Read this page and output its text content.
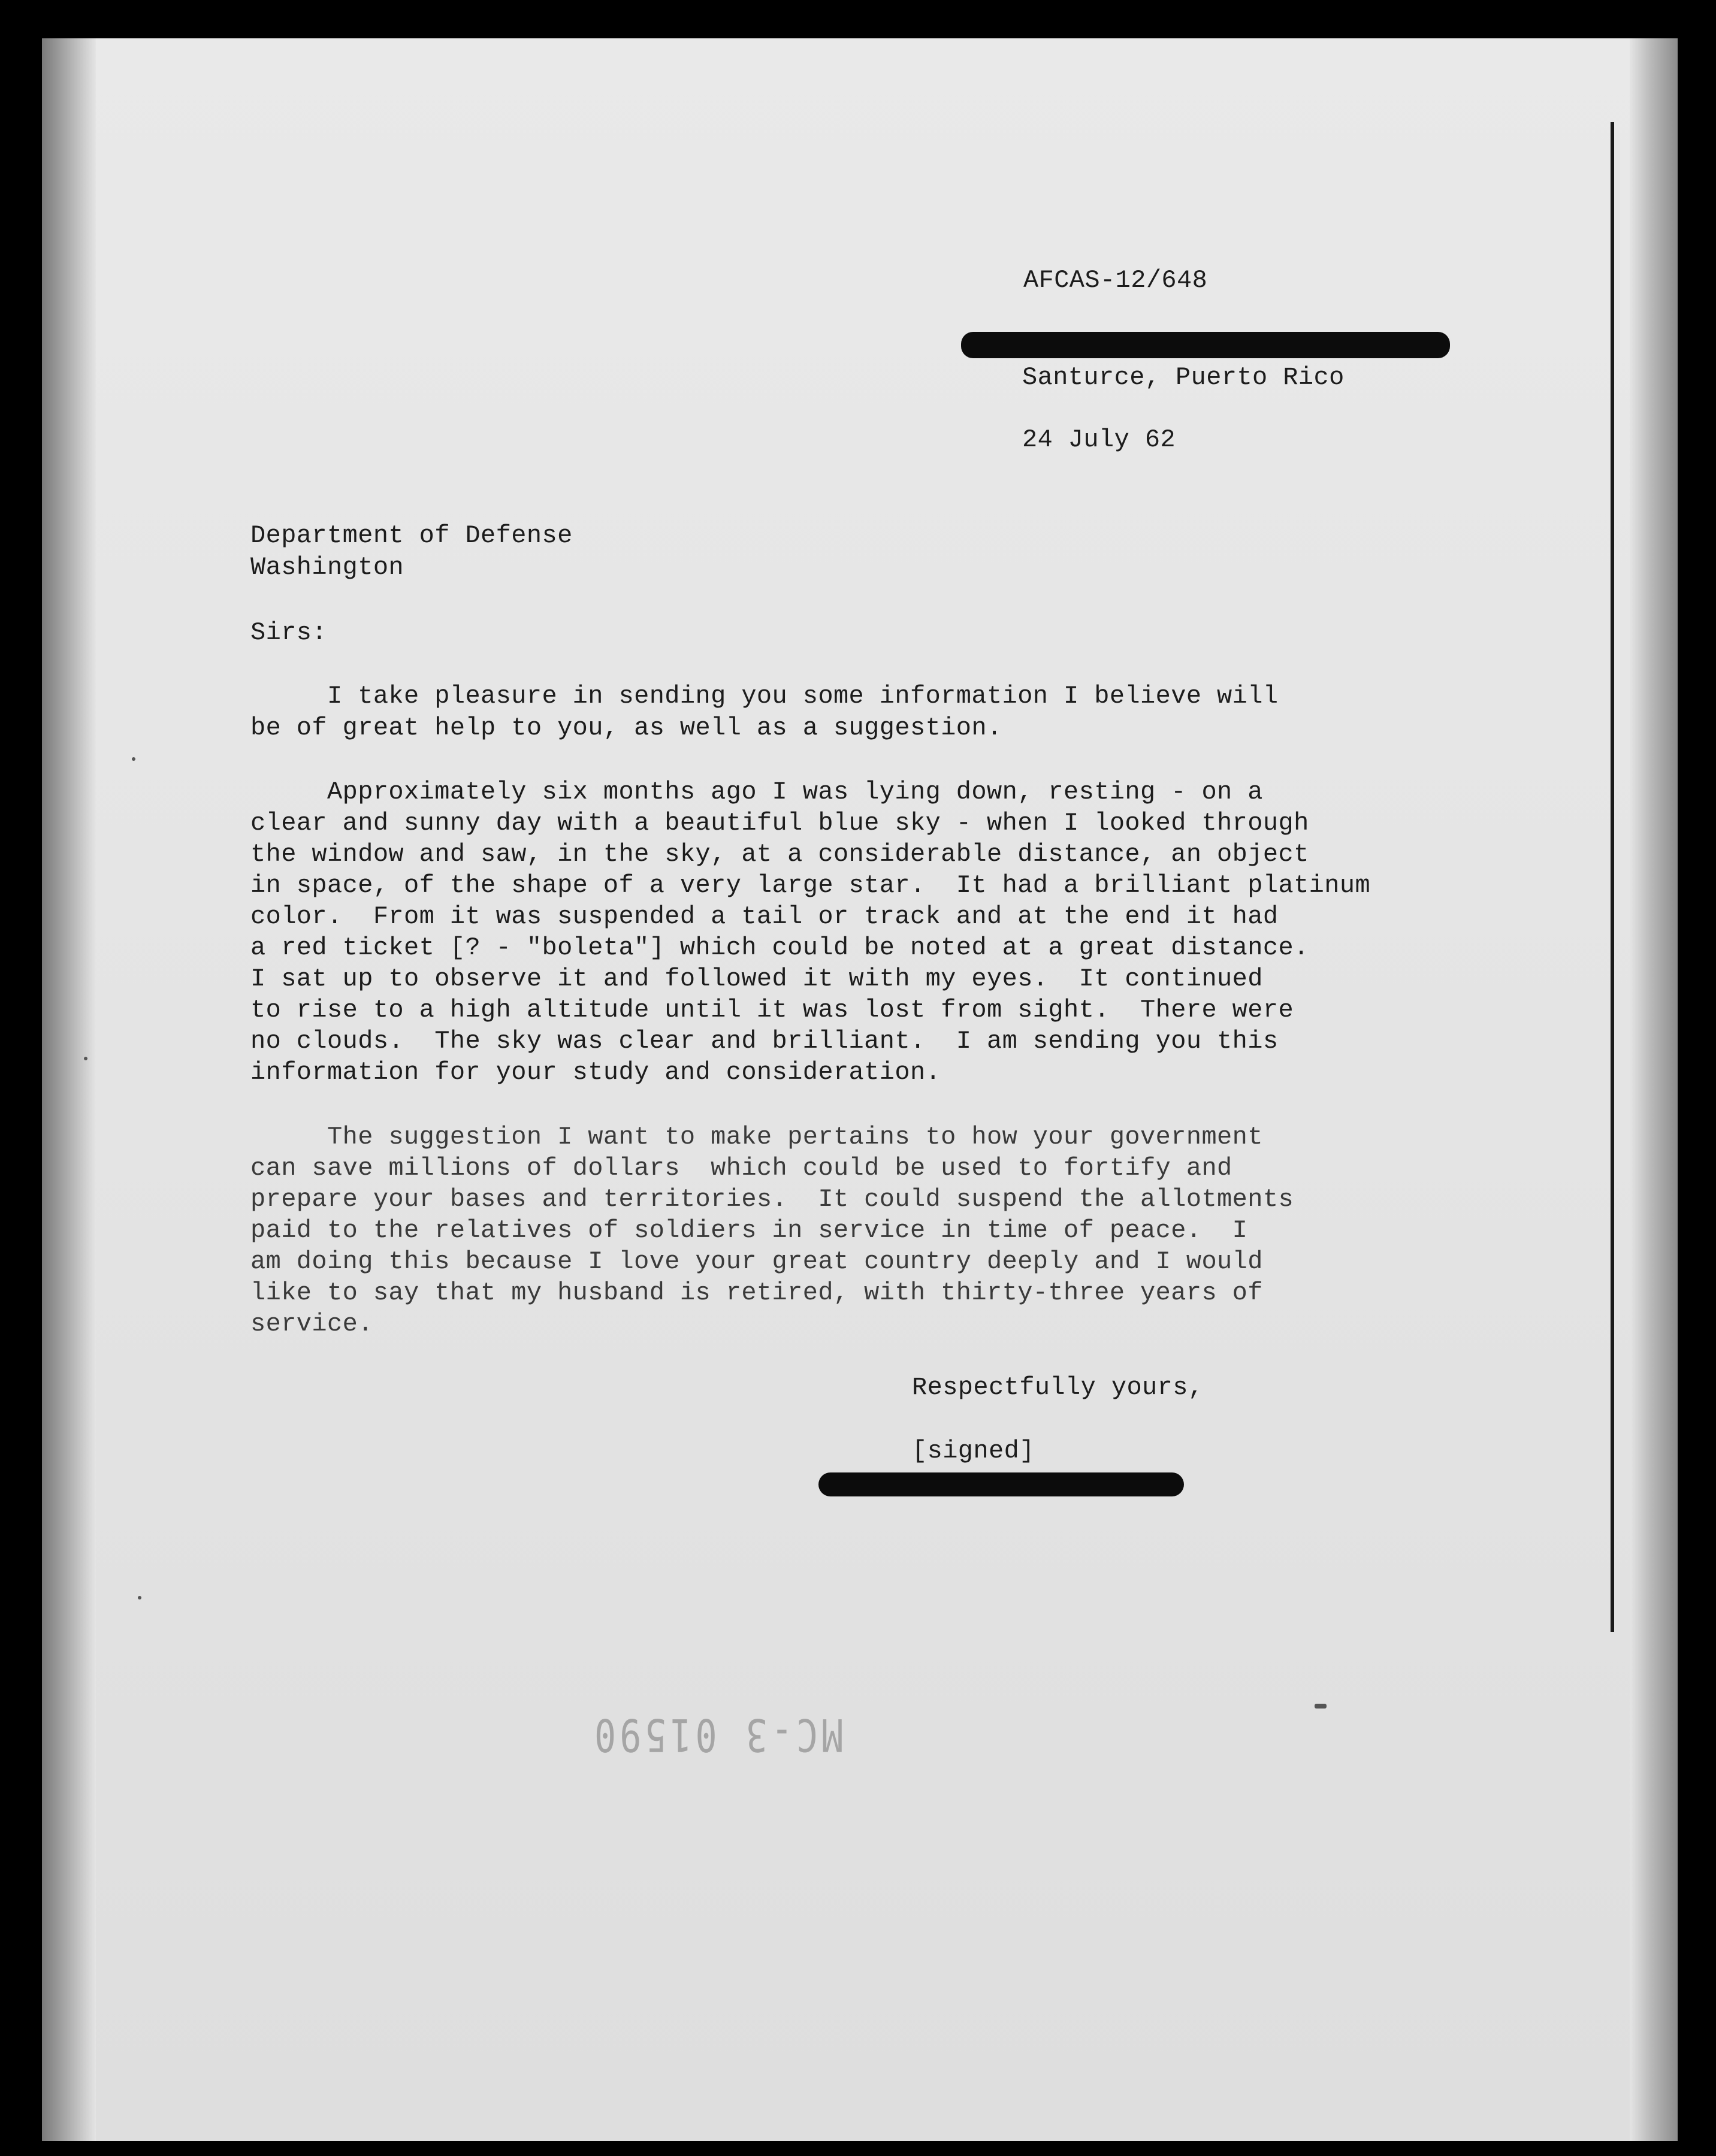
AFCAS-12/648
Santurce, Puerto Rico
24 July 62
Department of Defense
Washington
Sirs:
I take pleasure in sending you some information I believe will
be of great help to you, as well as a suggestion.
Approximately six months ago I was lying down, resting - on a
clear and sunny day with a beautiful blue sky - when I looked through
the window and saw, in the sky, at a considerable distance, an object
in space, of the shape of a very large star.  It had a brilliant platinum
color.  From it was suspended a tail or track and at the end it had
a red ticket [? - "boleta"] which could be noted at a great distance.
I sat up to observe it and followed it with my eyes.  It continued
to rise to a high altitude until it was lost from sight.  There were
no clouds.  The sky was clear and brilliant.  I am sending you this
information for your study and consideration.
The suggestion I want to make pertains to how your government
can save millions of dollars  which could be used to fortify and
prepare your bases and territories.  It could suspend the allotments
paid to the relatives of soldiers in service in time of peace.  I
am doing this because I love your great country deeply and I would
like to say that my husband is retired, with thirty-three years of
service.
Respectfully yours,
[signed]
MC-3 01590
